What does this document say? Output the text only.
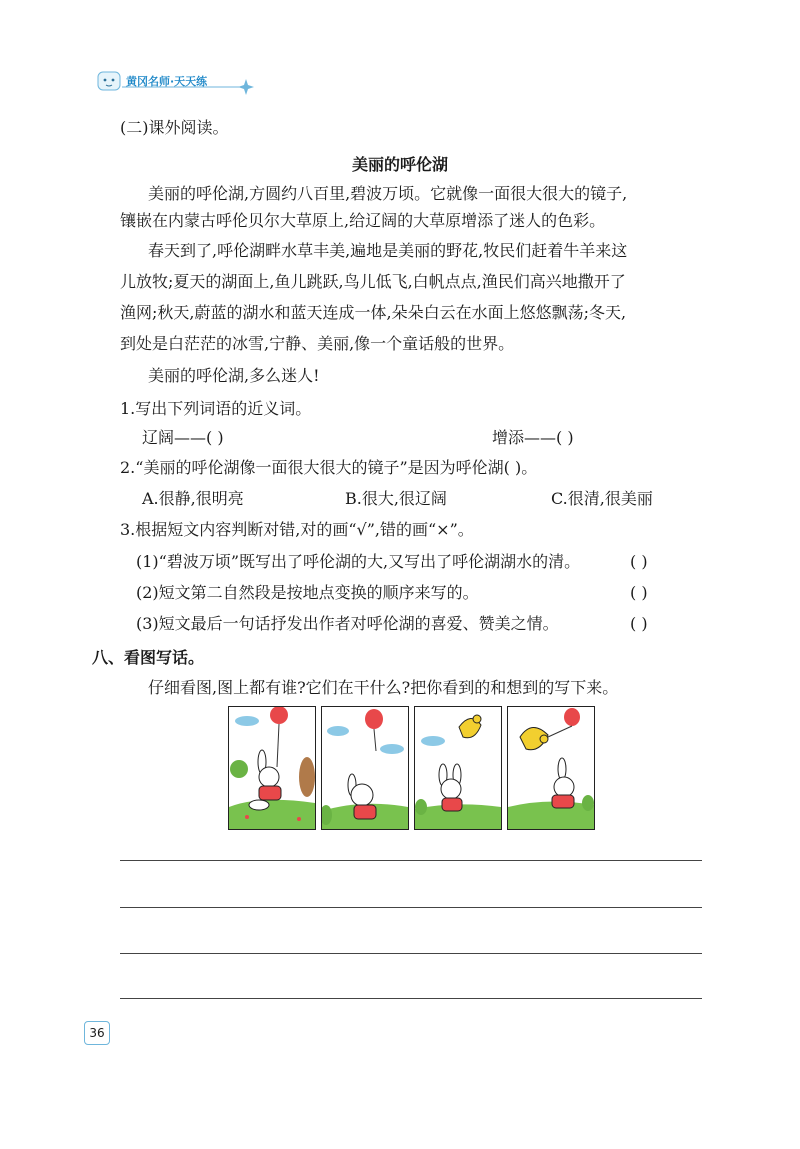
黄冈名师·天天练
(二)课外阅读。
美丽的呼伦湖
美丽的呼伦湖,方圆约八百里,碧波万顷。它就像一面很大很大的镜子,
镶嵌在内蒙古呼伦贝尔大草原上,给辽阔的大草原增添了迷人的色彩。
春天到了,呼伦湖畔水草丰美,遍地是美丽的野花,牧民们赶着牛羊来这
儿放牧;夏天的湖面上,鱼儿跳跃,鸟儿低飞,白帆点点,渔民们高兴地撒开了
渔网;秋天,蔚蓝的湖水和蓝天连成一体,朵朵白云在水面上悠悠飘荡;冬天,
到处是白茫茫的冰雪,宁静、美丽,像一个童话般的世界。
美丽的呼伦湖,多么迷人!
1.写出下列词语的近义词。
辽阔——( )	增添——( )
2.“美丽的呼伦湖像一面很大很大的镜子”是因为呼伦湖( )。
A.很静,很明亮	B.很大,很辽阔	C.很清,很美丽
3.根据短文内容判断对错,对的画“√”,错的画“×”。
(1)“碧波万顷”既写出了呼伦湖的大,又写出了呼伦湖湖水的清。	( )
(2)短文第二自然段是按地点变换的顺序来写的。	( )
(3)短文最后一句话抒发出作者对呼伦湖的喜爱、赞美之情。	( )
八、看图写话。
仔细看图,图上都有谁?它们在干什么?把你看到的和想到的写下来。
36
